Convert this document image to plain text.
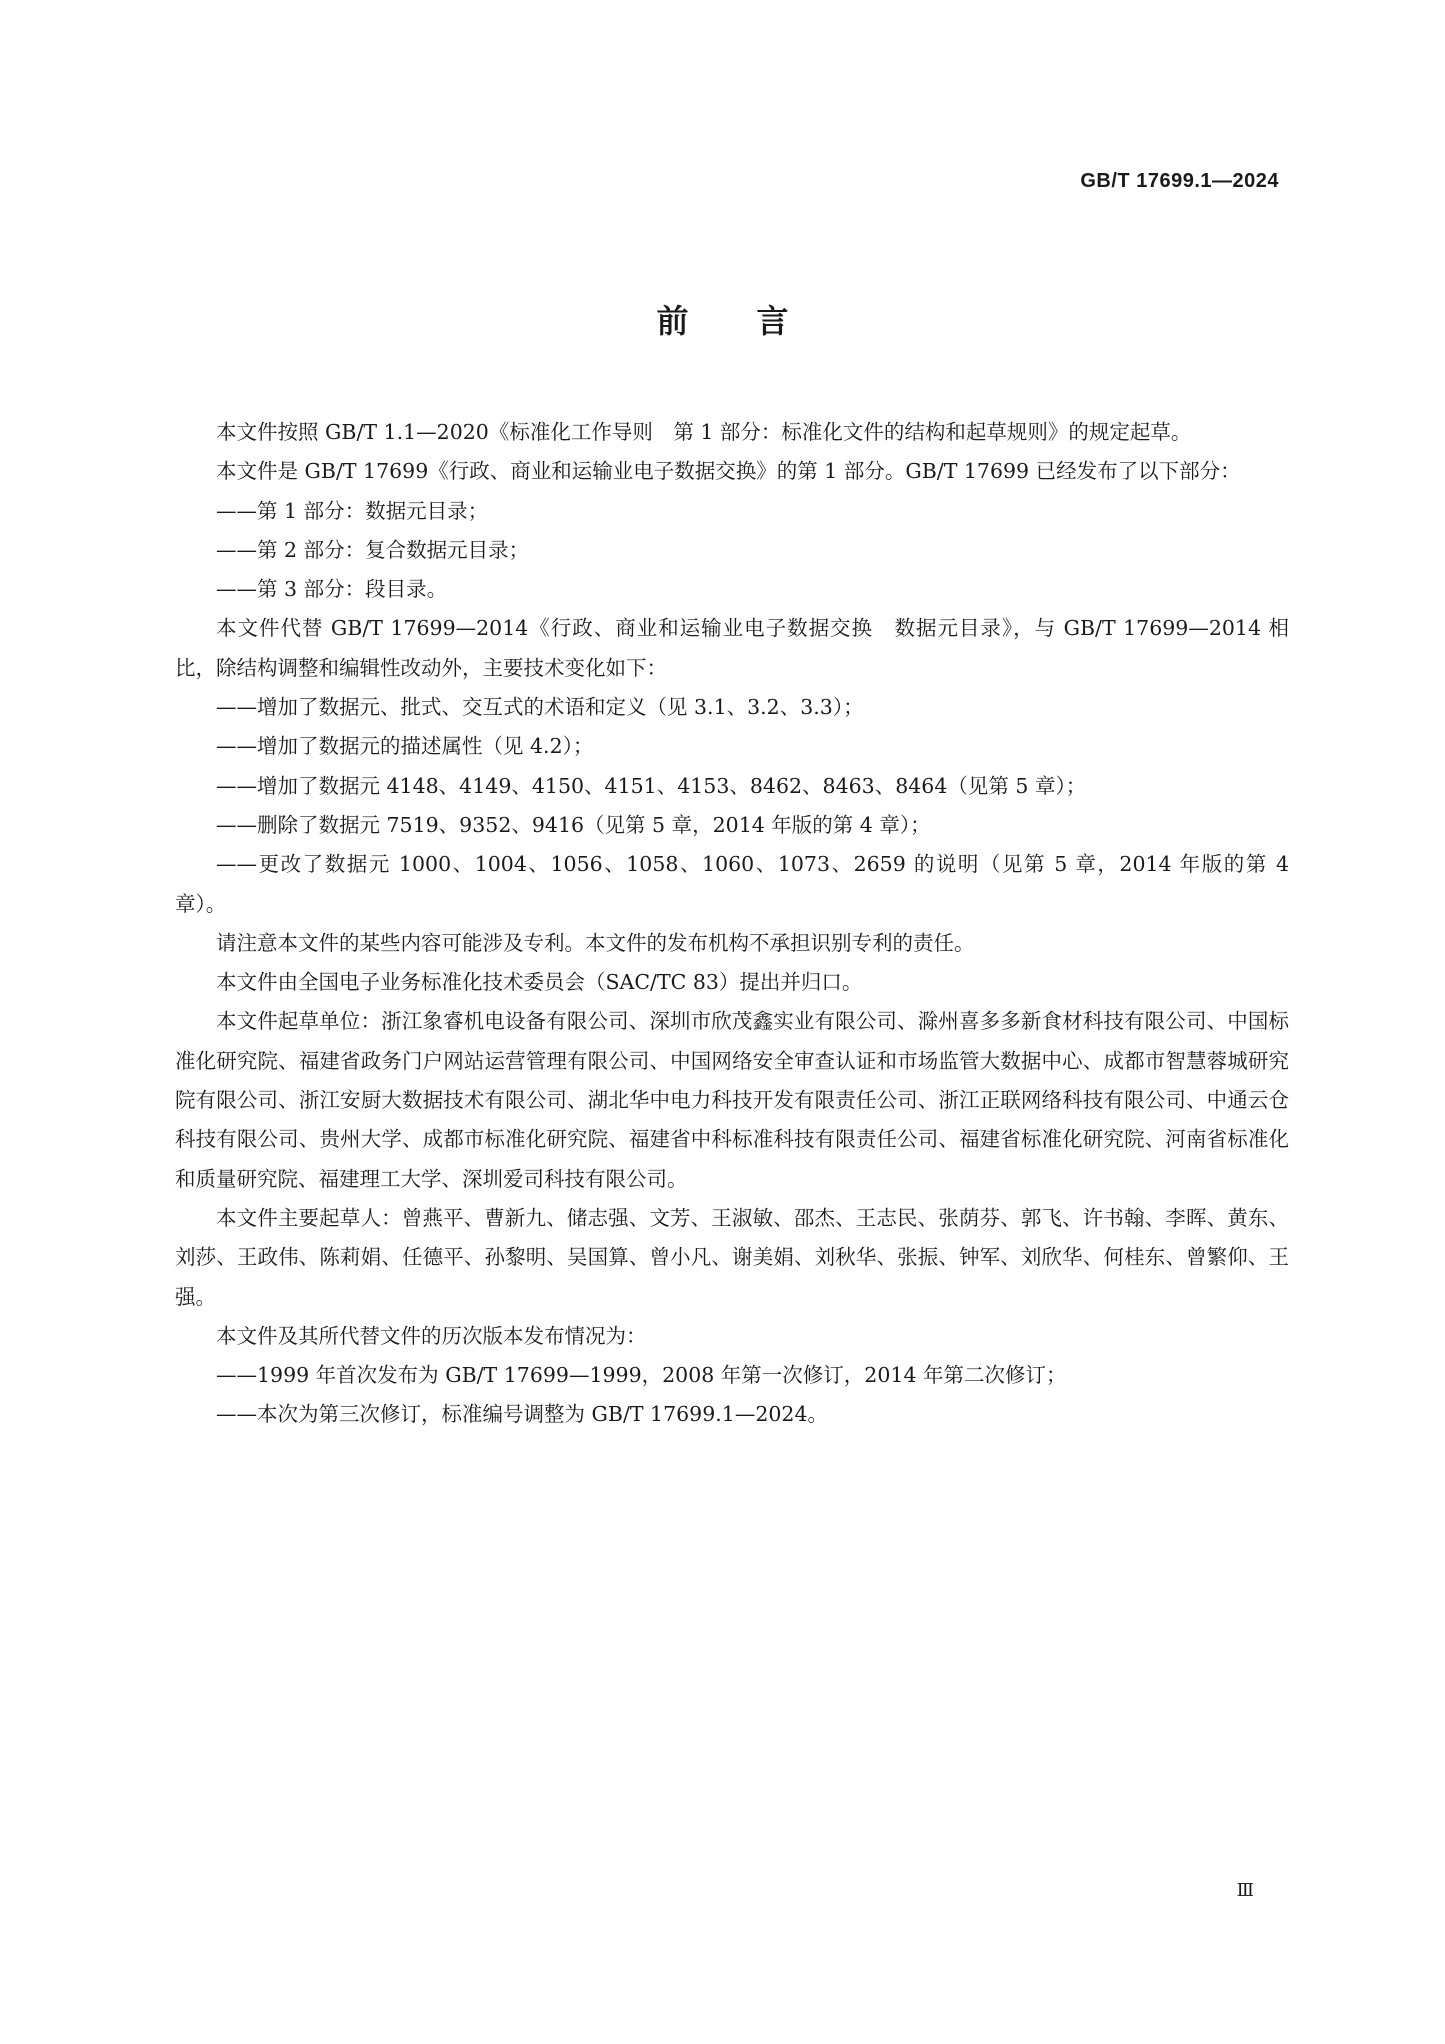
GB/T 17699.1—2024
前言

本文件按照 GB/T 1.1—2020《标准化工作导则　第 1 部分：标准化文件的结构和起草规则》的规定起草。

本文件是 GB/T 17699《行政、商业和运输业电子数据交换》的第 1 部分。GB/T 17699 已经发布了以下部分：

——第 1 部分：数据元目录；

——第 2 部分：复合数据元目录；

——第 3 部分：段目录。

本文件代替 GB/T 17699—2014《行政、商业和运输业电子数据交换　数据元目录》，与 GB/T 17699—2014 相比，除结构调整和编辑性改动外，主要技术变化如下：

——增加了数据元、批式、交互式的术语和定义（见 3.1、3.2、3.3）；

——增加了数据元的描述属性（见 4.2）；

——增加了数据元 4148、4149、4150、4151、4153、8462、8463、8464（见第 5 章）；

——删除了数据元 7519、9352、9416（见第 5 章，2014 年版的第 4 章）；

——更改了数据元 1000、1004、1056、1058、1060、1073、2659 的说明（见第 5 章，2014 年版的第 4 章）。

请注意本文件的某些内容可能涉及专利。本文件的发布机构不承担识别专利的责任。

本文件由全国电子业务标准化技术委员会（SAC/TC 83）提出并归口。

本文件起草单位：浙江象睿机电设备有限公司、深圳市欣茂鑫实业有限公司、滁州喜多多新食材科技有限公司、中国标准化研究院、福建省政务门户网站运营管理有限公司、中国网络安全审查认证和市场监管大数据中心、成都市智慧蓉城研究院有限公司、浙江安厨大数据技术有限公司、湖北华中电力科技开发有限责任公司、浙江正联网络科技有限公司、中通云仓科技有限公司、贵州大学、成都市标准化研究院、福建省中科标准科技有限责任公司、福建省标准化研究院、河南省标准化和质量研究院、福建理工大学、深圳爱司科技有限公司。

本文件主要起草人：曾燕平、曹新九、储志强、文芳、王淑敏、邵杰、王志民、张荫芬、郭飞、许书翰、李晖、黄东、刘莎、王政伟、陈莉娟、任德平、孙黎明、吴国算、曾小凡、谢美娟、刘秋华、张振、钟军、刘欣华、何桂东、曾繁仰、王强。

本文件及其所代替文件的历次版本发布情况为：

——1999 年首次发布为 GB/T 17699—1999，2008 年第一次修订，2014 年第二次修订；

——本次为第三次修订，标准编号调整为 GB/T 17699.1—2024。

Ⅲ
